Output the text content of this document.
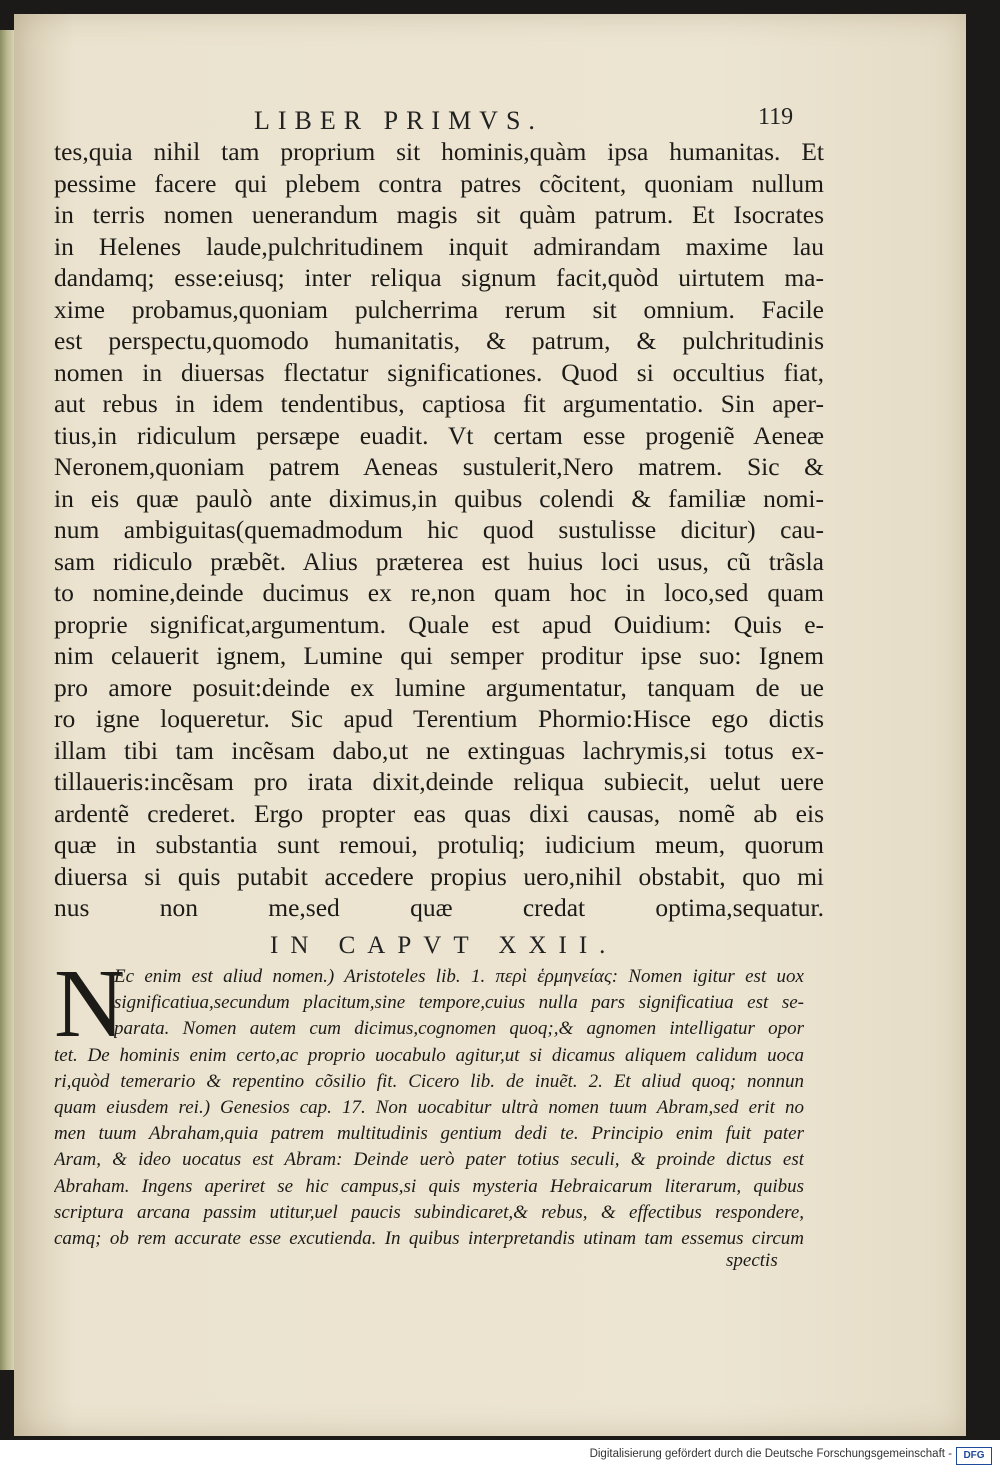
LIBER PRIMVS.	119
tes,quia nihil tam proprium sit hominis,quàm ipsa humanitas. Et
pessime facere qui plebem contra patres cõcitent, quoniam nullum
in terris nomen uenerandum magis sit quàm patrum. Et Isocrates
in Helenes laude,pulchritudinem inquit admirandam maxime lau
dandamq; esse:eiusq; inter reliqua signum facit,quòd uirtutem ma-
xime probamus,quoniam pulcherrima rerum sit omnium. Facile
est perspectu,quomodo humanitatis, & patrum, & pulchritudinis
nomen in diuersas flectatur significationes. Quod si occultius fiat,
aut rebus in idem tendentibus, captiosa fit argumentatio. Sin aper-
tius,in ridiculum persæpe euadit. Vt certam esse progeniẽ Aeneæ
Neronem,quoniam patrem Aeneas sustulerit,Nero matrem. Sic &
in eis quæ paulò ante diximus,in quibus colendi & familiæ nomi-
num ambiguitas(quemadmodum hic quod sustulisse dicitur) cau-
sam ridiculo præbẽt. Alius præterea est huius loci usus, cũ trãsla
to nomine,deinde ducimus ex re,non quam hoc in loco,sed quam
proprie significat,argumentum. Quale est apud Ouidium: Quis e-
nim celauerit ignem, Lumine qui semper proditur ipse suo: Ignem
pro amore posuit:deinde ex lumine argumentatur, tanquam de ue
ro igne loqueretur. Sic apud Terentium Phormio:Hisce ego dictis
illam tibi tam incẽsam dabo,ut ne extinguas lachrymis,si totus ex-
tillaueris:incẽsam pro irata dixit,deinde reliqua subiecit, uelut uere
ardentẽ crederet. Ergo propter eas quas dixi causas, nomẽ ab eis
quæ in substantia sunt remoui, protuliq; iudicium meum, quorum
diuersa si quis putabit accedere propius uero,nihil obstabit, quo mi
nus non me,sed quæ credat optima,sequatur.
IN CAPVT XXII.
N
Ec enim est aliud nomen.) Aristoteles lib. 1. περὶ ἑρμηνείας: Nomen igitur est uox
significatiua,secundum placitum,sine tempore,cuius nulla pars significatiua est se-
parata. Nomen autem cum dicimus,cognomen quoq;,& agnomen intelligatur opor
tet. De hominis enim certo,ac proprio uocabulo agitur,ut si dicamus aliquem calidum uoca
ri,quòd temerario & repentino cõsilio fit. Cicero lib. de inuẽt. 2. Et aliud quoq; nonnun
quam eiusdem rei.) Genesios cap. 17. Non uocabitur ultrà nomen tuum Abram,sed erit no
men tuum Abraham,quia patrem multitudinis gentium dedi te. Principio enim fuit pater
Aram, & ideo uocatus est Abram: Deinde uerò pater totius seculi, & proinde dictus est
Abraham. Ingens aperiret se hic campus,si quis mysteria Hebraicarum literarum, quibus
scriptura arcana passim utitur,uel paucis subindicaret,& rebus, & effectibus respondere,
camq; ob rem accurate esse excutienda. In quibus interpretandis utinam tam essemus circum
spectis
Digitalisierung gefördert durch die Deutsche Forschungsgemeinschaft -	DFG
